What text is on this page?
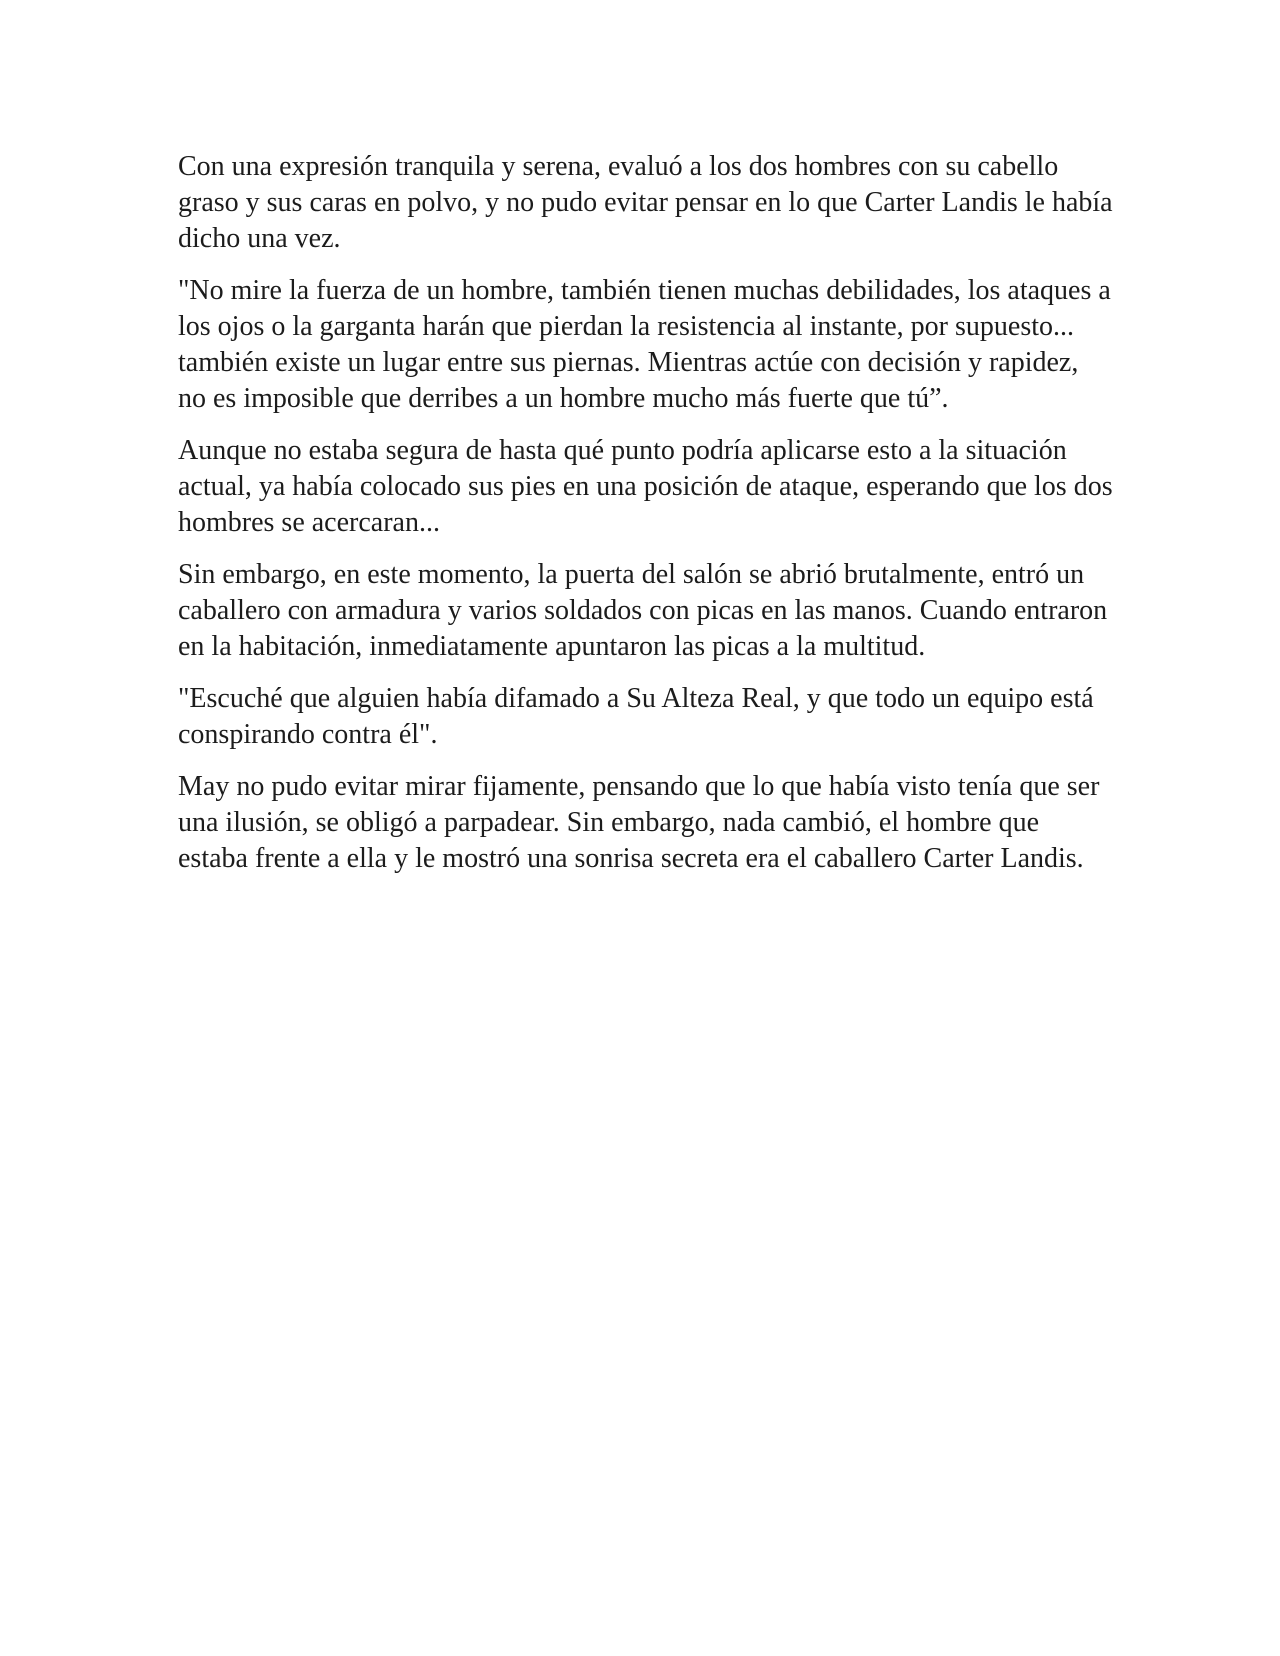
Con una expresión tranquila y serena, evaluó a los dos hombres con su cabello graso y sus caras en polvo, y no pudo evitar pensar en lo que Carter Landis le había dicho una vez.

"No mire la fuerza de un hombre, también tienen muchas debilidades, los ataques a los ojos o la garganta harán que pierdan la resistencia al instante, por supuesto... también existe un lugar entre sus piernas. Mientras actúe con decisión y rapidez, no es imposible que derribes a un hombre mucho más fuerte que tú”.

Aunque no estaba segura de hasta qué punto podría aplicarse esto a la situación actual, ya había colocado sus pies en una posición de ataque, esperando que los dos hombres se acercaran...

Sin embargo, en este momento, la puerta del salón se abrió brutalmente, entró un caballero con armadura y varios soldados con picas en las manos. Cuando entraron en la habitación, inmediatamente apuntaron las picas a la multitud.

"Escuché que alguien había difamado a Su Alteza Real, y que todo un equipo está conspirando contra él".

May no pudo evitar mirar fijamente, pensando que lo que había visto tenía que ser una ilusión, se obligó a parpadear. Sin embargo, nada cambió, el hombre que estaba frente a ella y le mostró una sonrisa secreta era el caballero Carter Landis.
